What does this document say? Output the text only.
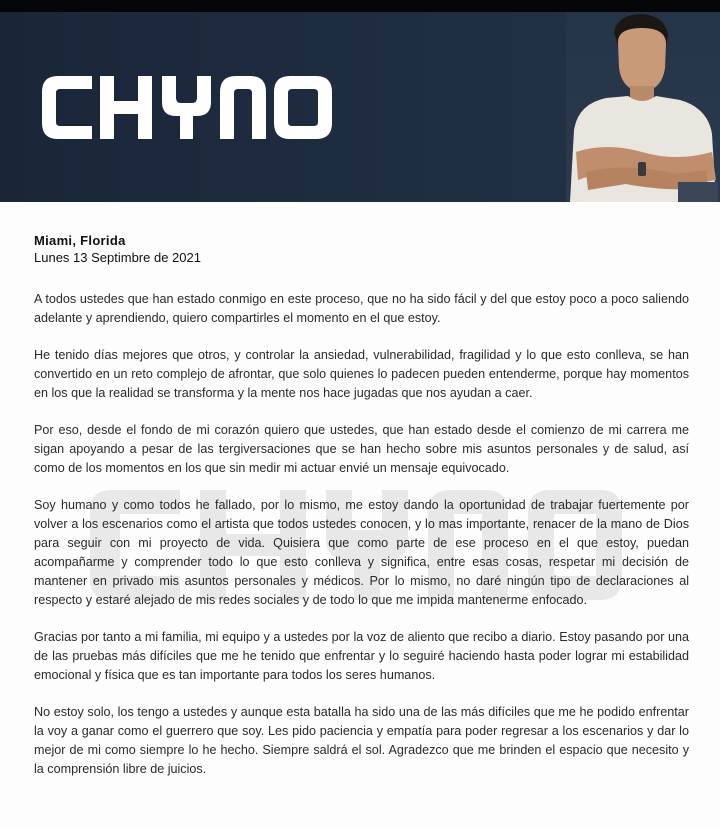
Miami, Florida
Lunes 13 Septimbre de 2021

A todos ustedes que han estado conmigo en este proceso, que no ha sido fácil y del que estoy poco a poco saliendo adelante y aprendiendo, quiero compartirles el momento en el que estoy.

He tenido días mejores que otros, y controlar la ansiedad, vulnerabilidad, fragilidad y lo que esto conlleva, se han convertido en un reto complejo de afrontar, que solo quienes lo padecen pueden entenderme, porque hay momentos en los que la realidad se transforma y la mente nos hace jugadas que nos ayudan a caer.

Por eso, desde el fondo de mi corazón quiero que ustedes, que han estado desde el comienzo de mi carrera me sigan apoyando a pesar de las tergiversaciones que se han hecho sobre mis asuntos personales y de salud, así como de los momentos en los que sin medir mi actuar envié un mensaje equivocado.

Soy humano y como todos he fallado, por lo mismo, me estoy dando la oportunidad de trabajar fuertemente por volver a los escenarios como el artista que todos ustedes conocen, y lo mas importante, renacer de la mano de Dios para seguir con mi proyecto de vida. Quisiera que como parte de ese proceso en el que estoy, puedan acompañarme y comprender todo lo que esto conlleva y significa, entre esas cosas, respetar mi decisión de mantener en privado mis asuntos personales y médicos. Por lo mismo, no daré ningún tipo de declaraciones al respecto y estaré alejado de mis redes sociales y de todo lo que me impida mantenerme enfocado.

Gracias por tanto a mi familia, mi equipo y a ustedes por la voz de aliento que recibo a diario. Estoy pasando por una de las pruebas más difíciles que me he tenido que enfrentar y lo seguiré haciendo hasta poder lograr mi estabilidad emocional y física que es tan importante para todos los seres humanos.

No estoy solo, los tengo a ustedes y aunque esta batalla ha sido una de las más difíciles que me he podido enfrentar la voy a ganar como el guerrero que soy. Les pido paciencia y empatía para poder regresar a los escenarios y dar lo mejor de mi como siempre lo he hecho. Siempre saldrá el sol. Agradezco que me brinden el espacio que necesito y la comprensión libre de juicios.
